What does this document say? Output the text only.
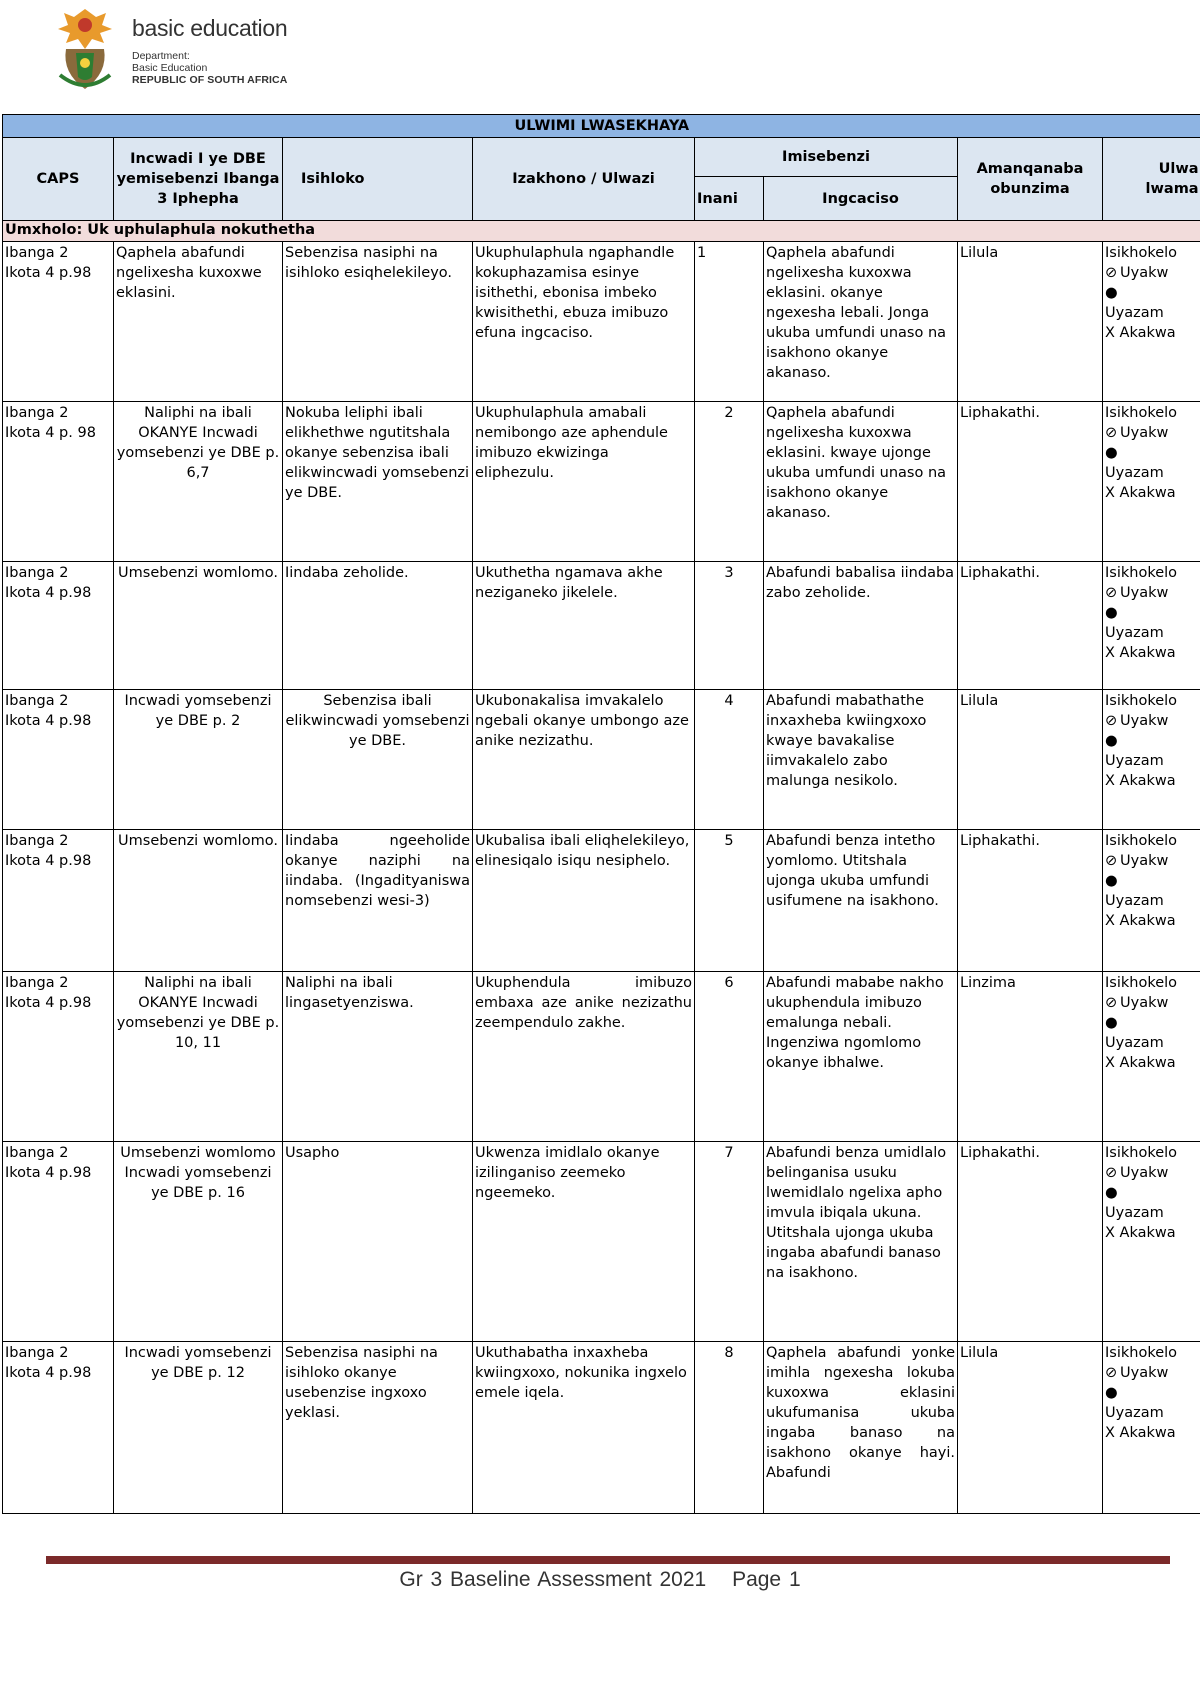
basic education
Department:
Basic Education
REPUBLIC OF SOUTH AFRICA
ULWIMI LWASEKHAYA							
CAPS	Incwadi I ye DBE yemisebenzi Ibanga 3 Iphepha	Isihloko	Izakhono / Ulwazi	Imisebenzi		Amanqanaba obunzima	Ulwa lwama
				Inani	Ingcaciso		
Umxholo: Uk uphulaphula nokuthetha							

Ibanga 2
Ikota 4 p.98	Qaphela abafundi ngelixesha kuxoxwe eklasini.	Sebenzisa nasiphi na isihloko esiqhelekileyo.	Ukuphulaphula ngaphandle kokuphazamisa esinye isithethi, ebonisa imbeko kwisithethi, ebuza imibuzo efuna ingcaciso.	1	Qaphela abafundi ngelixesha kuxoxwa eklasini. okanye ngexesha lebali. Jonga ukuba umfundi unaso na isakhono okanye akanaso.	Lilula	Isikhokelo
⊘ Uyakw
●
Uyazam
X Akakwa

Ibanga 2
Ikota 4 p. 98	Naliphi na ibali OKANYE Incwadi yomsebenzi ye DBE p. 6,7	Nokuba leliphi ibali elikhethwe ngutitshala okanye sebenzisa ibali elikwincwadi yomsebenzi ye DBE.	Ukuphulaphula amabali nemibongo aze aphendule imibuzo ekwizinga eliphezulu.	2	Qaphela abafundi ngelixesha kuxoxwa eklasini. kwaye ujonge ukuba umfundi unaso na isakhono okanye akanaso.	Liphakathi.	Isikhokelo
⊘ Uyakw
●
Uyazam
X Akakwa

Ibanga 2
Ikota 4 p.98	Umsebenzi womlomo.	Iindaba zeholide.	Ukuthetha ngamava akhe neziganeko jikelele.	3	Abafundi babalisa iindaba zabo zeholide.	Liphakathi.	Isikhokelo
⊘ Uyakw
●
Uyazam
X Akakwa

Ibanga 2
Ikota 4 p.98	Incwadi yomsebenzi ye DBE p. 2	Sebenzisa ibali elikwincwadi yomsebenzi ye DBE.	Ukubonakalisa imvakalelo ngebali okanye umbongo aze anike nezizathu.	4	Abafundi mabathathe inxaxheba kwiingxoxo kwaye bavakalise iimvakalelo zabo malunga nesikolo.	Lilula	Isikhokelo
⊘ Uyakw
●
Uyazam
X Akakwa

Ibanga 2
Ikota 4 p.98	Umsebenzi womlomo.	Iindaba ngeeholide okanye naziphi na iindaba. (Ingadityaniswa nomsebenzi wesi-3)	Ukubalisa ibali eliqhelekileyo, elinesiqalo isiqu nesiphelo.	5	Abafundi benza intetho yomlomo. Utitshala ujonga ukuba umfundi usifumene na isakhono.	Liphakathi.	Isikhokelo
⊘ Uyakw
●
Uyazam
X Akakwa

Ibanga 2
Ikota 4 p.98	Naliphi na ibali OKANYE Incwadi yomsebenzi ye DBE p. 10, 11	Naliphi na ibali lingasetyenziswa.	Ukuphendula imibuzo embaxa aze anike nezizathu zeempendulo zakhe.	6	Abafundi mababe nakho ukuphendula imibuzo emalunga nebali. Ingenziwa ngomlomo okanye ibhalwe.	Linzima	Isikhokelo
⊘ Uyakw
●
Uyazam
X Akakwa

Ibanga 2
Ikota 4 p.98	Umsebenzi womlomo Incwadi yomsebenzi ye DBE p. 16	Usapho	Ukwenza imidlalo okanye izilinganiso zeemeko ngeemeko.	7	Abafundi benza umidlalo belinganisa usuku lwemidlalo ngelixa apho imvula ibiqala ukuna. Utitshala ujonga ukuba ingaba abafundi banaso na isakhono.	Liphakathi.	Isikhokelo
⊘ Uyakw
●
Uyazam
X Akakwa

Ibanga 2
Ikota 4 p.98	Incwadi yomsebenzi ye DBE p. 12	Sebenzisa nasiphi na isihloko okanye usebenzise ingxoxo yeklasi.	Ukuthabatha inxaxheba kwiingxoxo, nokunika ingxelo emele iqela.	8	Qaphela abafundi yonke imihla ngexesha lokuba kuxoxwa eklasini ukufumanisa ukuba ingaba banaso na isakhono okanye hayi. Abafundi	Lilula	Isikhokelo
⊘ Uyakw
●
Uyazam
X Akakwa
Gr 3 Baseline Assessment 2021 Page 1
